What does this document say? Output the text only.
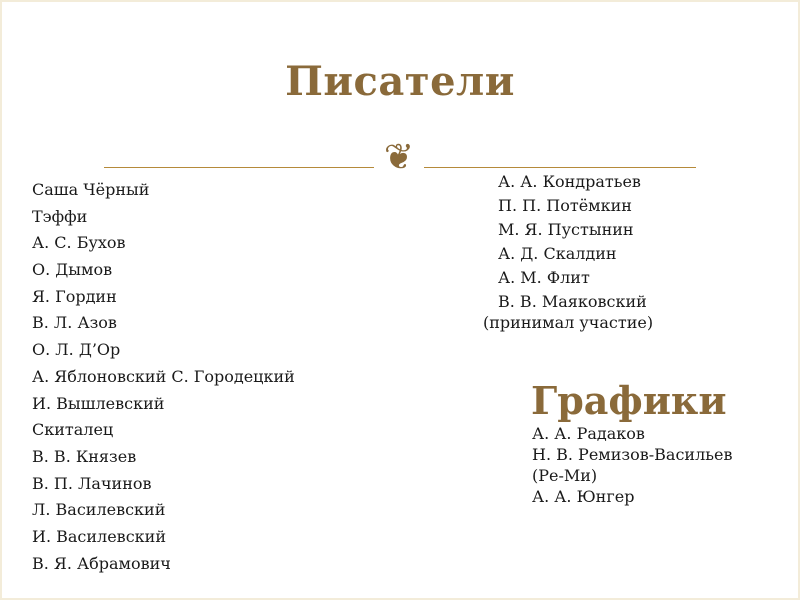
Писатели
❦
Саша Чёрный
Тэффи
А. С. Бухов
О. Дымов
Я. Гордин
В. Л. Азов
О. Л. Д’Ор
А. Яблоновский С. Городецкий
И. Вышлевский
Скиталец
В. В. Князев
В. П. Лачинов
Л. Василевский
И. Василевский
В. Я. Абрамович
А. А. Кондратьев
П. П. Потёмкин
М. Я. Пустынин
А. Д. Скалдин
А. М. Флит
В. В. Маяковский
(принимал участие)
Графики
А. А. Радаков
Н. В. Ремизов-Васильев
(Ре-Ми)
А. А. Юнгер
